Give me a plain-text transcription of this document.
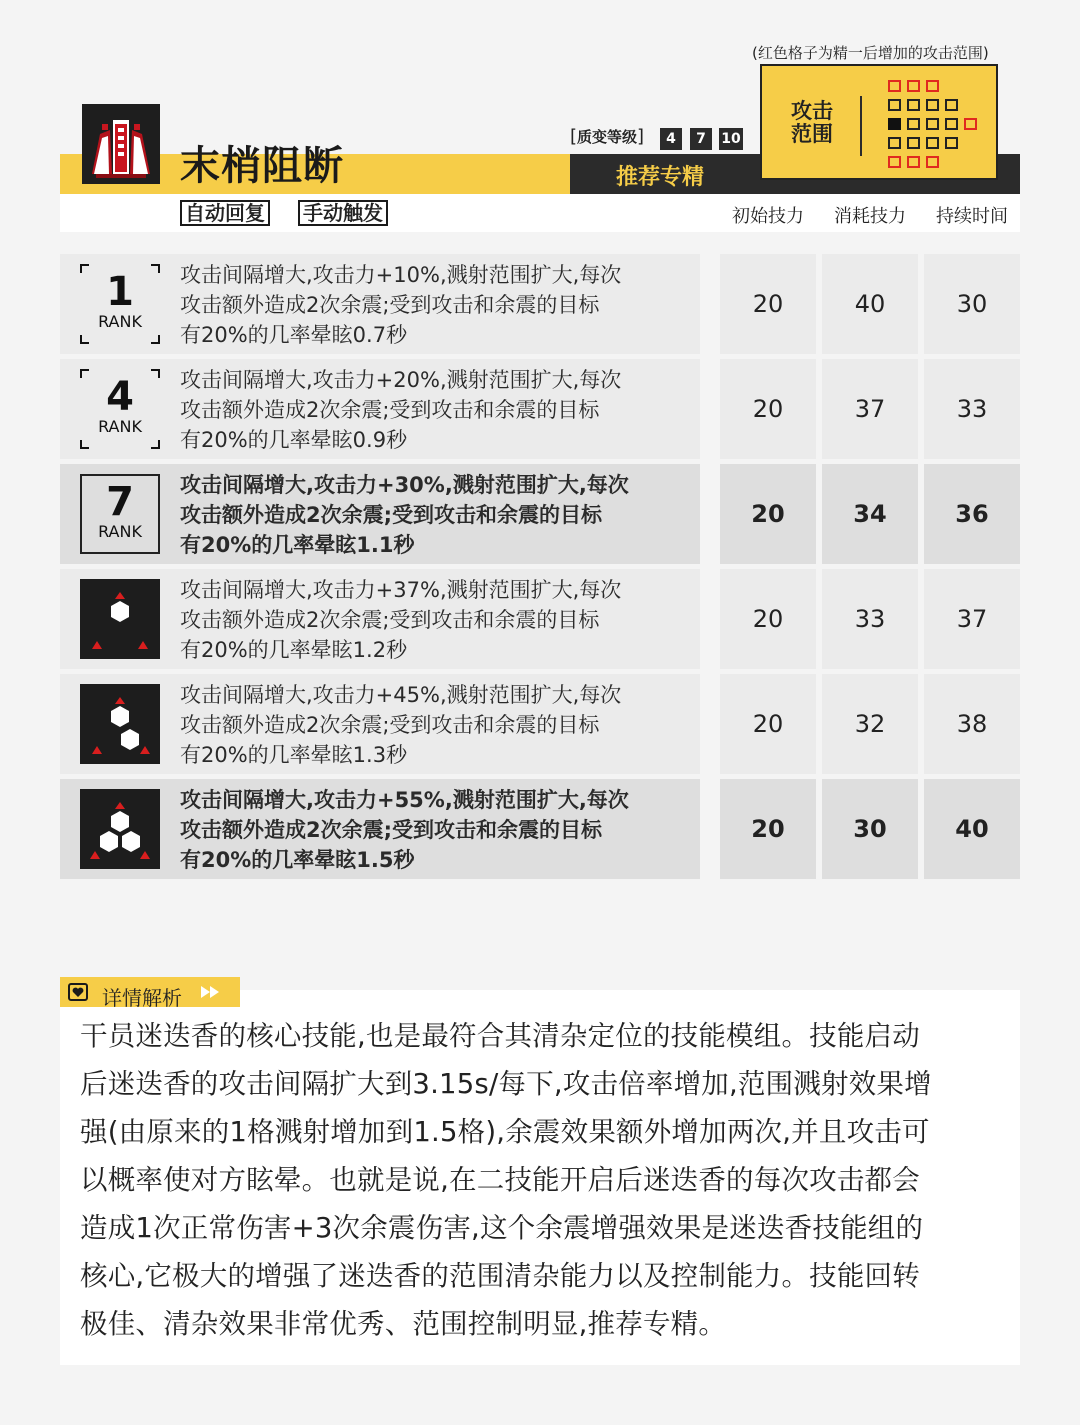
(红色格子为精一后增加的攻击范围)
末梢阻断
[质变等级]	4	7	10
推荐专精
攻击
范围
自动回复 手动触发	初始技力	消耗技力	持续时间
1
RANK
攻击间隔增大,攻击力+10%,溅射范围扩大,每次
攻击额外造成2次余震;受到攻击和余震的目标
有20%的几率晕眩0.7秒
20	40	30
4
RANK
攻击间隔增大,攻击力+20%,溅射范围扩大,每次
攻击额外造成2次余震;受到攻击和余震的目标
有20%的几率晕眩0.9秒
20	37	33
7
RANK
攻击间隔增大,攻击力+30%,溅射范围扩大,每次
攻击额外造成2次余震;受到攻击和余震的目标
有20%的几率晕眩1.1秒
20	34	36
攻击间隔增大,攻击力+37%,溅射范围扩大,每次
攻击额外造成2次余震;受到攻击和余震的目标
有20%的几率晕眩1.2秒
20	33	37
攻击间隔增大,攻击力+45%,溅射范围扩大,每次
攻击额外造成2次余震;受到攻击和余震的目标
有20%的几率晕眩1.3秒
20	32	38
攻击间隔增大,攻击力+55%,溅射范围扩大,每次
攻击额外造成2次余震;受到攻击和余震的目标
有20%的几率晕眩1.5秒
20	30	40
详情解析
干员迷迭香的核心技能,也是最符合其清杂定位的技能模组。技能启动
后迷迭香的攻击间隔扩大到3.15s/每下,攻击倍率增加,范围溅射效果增
强(由原来的1格溅射增加到1.5格),余震效果额外增加两次,并且攻击可
以概率使对方眩晕。也就是说,在二技能开启后迷迭香的每次攻击都会
造成1次正常伤害+3次余震伤害,这个余震增强效果是迷迭香技能组的
核心,它极大的增强了迷迭香的范围清杂能力以及控制能力。技能回转
极佳、清杂效果非常优秀、范围控制明显,推荐专精。
